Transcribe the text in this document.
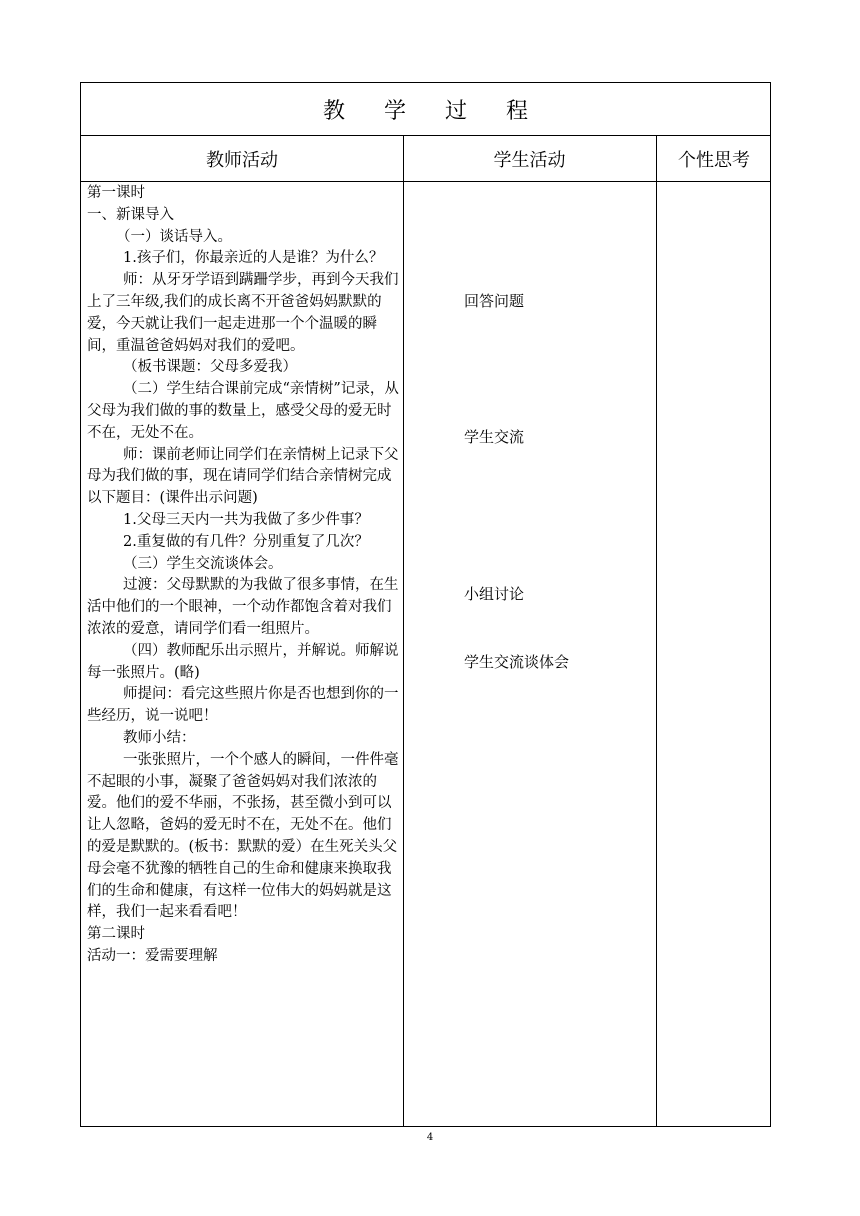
教 学 过 程
教师活动	学生活动	个性思考

第一课时

一、新课导入

（一）谈话导入。

1.孩子们，你最亲近的人是谁？为什么？

师：从牙牙学语到蹒跚学步，再到今天我们上了三年级,我们的成长离不开爸爸妈妈默默的爱，今天就让我们一起走进那一个个温暖的瞬间，重温爸爸妈妈对我们的爱吧。

（板书课题：父母多爱我）

（二）学生结合课前完成“亲情树”记录，从父母为我们做的事的数量上，感受父母的爱无时不在，无处不在。

师：课前老师让同学们在亲情树上记录下父母为我们做的事，现在请同学们结合亲情树完成以下题目：(课件出示问题)

1.父母三天内一共为我做了多少件事？

2.重复做的有几件？分别重复了几次？

（三）学生交流谈体会。

过渡：父母默默的为我做了很多事情，在生活中他们的一个眼神，一个动作都饱含着对我们浓浓的爱意，请同学们看一组照片。

（四）教师配乐出示照片，并解说。师解说每一张照片。(略)

师提问：看完这些照片你是否也想到你的一些经历，说一说吧！

教师小结：

一张张照片，一个个感人的瞬间，一件件毫不起眼的小事，凝聚了爸爸妈妈对我们浓浓的爱。他们的爱不华丽，不张扬，甚至微小到可以让人忽略，爸妈的爱无时不在，无处不在。他们的爱是默默的。(板书：默默的爱）在生死关头父母会毫不犹豫的牺牲自己的生命和健康来换取我们的生命和健康，有这样一位伟大的妈妈就是这样，我们一起来看看吧！

第二课时

活动一：爱需要理解

回答问题
学生交流
小组讨论
学生交流谈体会
4
